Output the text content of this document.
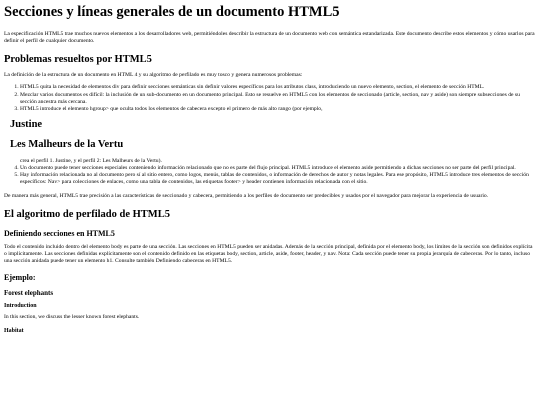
Secciones y líneas generales de un documento HTML5

La especificación HTML5 trae muchos nuevos elementos a los desarrolladores web, permitiéndoles describir la estructura de un documento web con semántica estandarizada. Este documento describe estos elementos y cómo usarlos para definir el perfil de cualquier documento.

Problemas resueltos por HTML5

La definición de la estructura de un documento en HTML 4 y su algoritmo de perfilado es muy tosco y genera numerosos problemas:

1. HTML5 quita la necesidad de elementos div para definir secciones semánticas sin definir valores específicos para los atributos class, introduciendo un nuevo elemento, section, el elemento de sección HTML.
2. Mezclar varios documentos es difícil: la inclusión de un sub-documento en un documento principal. Esto se resuelve en HTML5 con los elementos de seccionado (article, section, nav y aside) son siempre subsecciones de su sección ancestra más cercana.
3. HTML5 introduce el elemento hgroup> que oculta todos los elementos de cabecera excepto el primero de más alto rango (por ejemplo,
Justine
Les Malheurs de la Vertu
crea el perfil 1. Justine, y el perfil 2: Les Malheurs de la Vertu).
4. Un documento puede tener secciones especiales conteniendo información relacionado que no es parte del flujo principal. HTML5 introduce el elemento aside permitiendo a dichas secciones no ser parte del perfil principal.
5. Hay información relacionada no al documento pero sí al sitio entero, como logos, menús, tablas de contenidos, o información de derechos de autor y notas legales. Para ese propósito, HTML5 introduce tres elementos de sección específicos: Nav> para colecciones de enlaces, como una tabla de contenidos, las etiquetas footer> y header contienen información relacionada con el sitio.

De manera más general, HTML5 trae precisión a las características de seccionado y cabecera, permitiendo a los perfiles de documento ser predecibles y usados por el navegador para mejorar la experiencia de usuario.

El algoritmo de perfilado de HTML5
Definiendo secciones en HTML5

Todo el contenido incluido dentro del elemento body es parte de una sección. Las secciones en HTML5 pueden ser anidadas. Además de la sección principal, definida por el elemento body, los límites de la sección son definidos explícita o implícitamente. Las secciones definidas explícitamente son el contenido definido en las etiquetas body, section, article, aside, footer, header, y nav. Nota: Cada sección puede tener su propia jerarquía de cabeceras. Por lo tanto, incluso una sección anidada puede tener un elemento h1. Consulte también Definiendo cabeceras en HTML5.

Ejemplo:
Forest elephants
Introduction

In this section, we discuss the lesser known forest elephants.

Habitat
